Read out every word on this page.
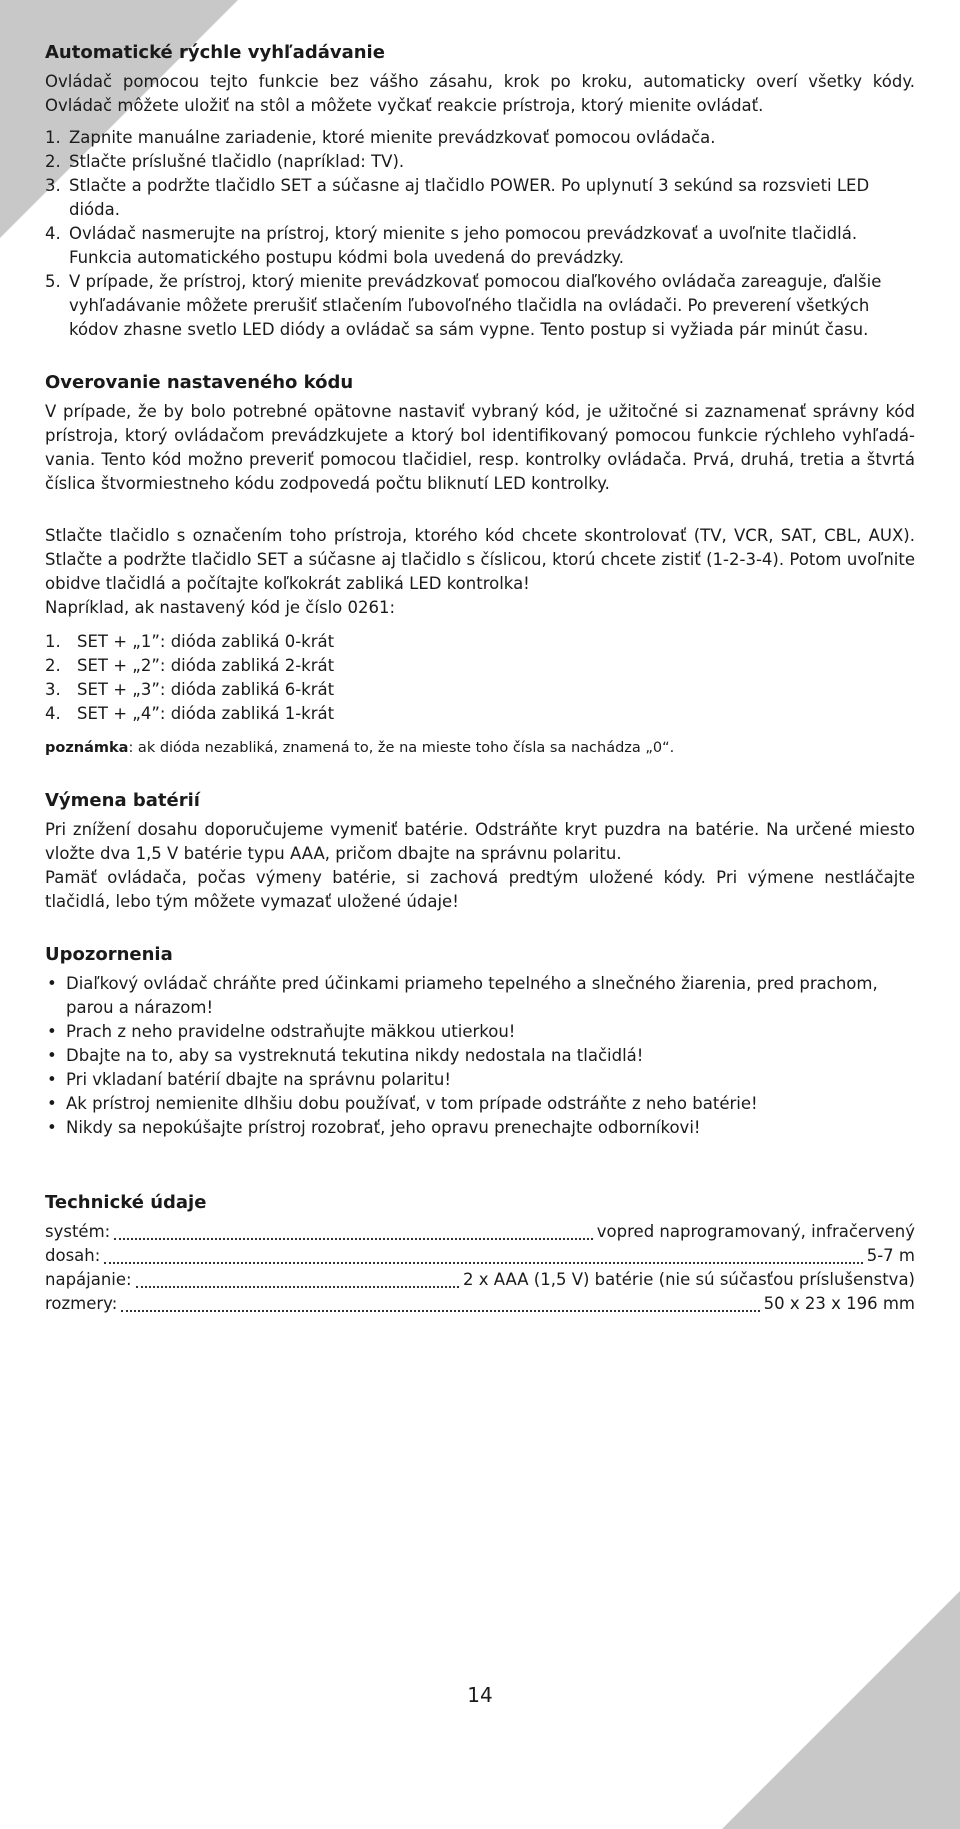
Automatické rýchle vyhľadávanie

Ovládač pomocou tejto funkcie bez vášho zásahu, krok po kroku, automaticky overí všetky kódy. Ovládač môžete uložiť na stôl a môžete vyčkať reakcie prístroja, ktorý mienite ovládať.

1. Zapnite manuálne zariadenie, ktoré mienite prevádzkovať pomocou ovládača.
2. Stlačte príslušné tlačidlo (napríklad: TV).
3. Stlačte a podržte tlačidlo SET a súčasne aj tlačidlo POWER. Po uplynutí 3 sekúnd sa rozsvieti LED dióda.
4. Ovládač nasmerujte na prístroj, ktorý mienite s jeho pomocou prevádzkovať a uvoľnite tlačidlá. Funkcia automatického postupu kódmi bola uvedená do prevádzky.
5. V prípade, že prístroj, ktorý mienite prevádzkovať pomocou diaľkového ovládača zareaguje, ďalšie vyhľadávanie môžete prerušiť stlačením ľubovoľného tlačidla na ovládači. Po preverení všetkých kódov zhasne svetlo LED diódy a ovládač sa sám vypne. Tento postup si vyžiada pár minút času.
Overovanie nastaveného kódu

V prípade, že by bolo potrebné opätovne nastaviť vybraný kód, je užitočné si zaznamenať správny kód prístroja, ktorý ovládačom prevádzkujete a ktorý bol identifikovaný pomocou funkcie rýchleho vyhľadá-vania. Tento kód možno preveriť pomocou tlačidiel, resp. kontrolky ovládača. Prvá, druhá, tretia a štvrtá číslica štvormiestneho kódu zodpovedá počtu bliknutí LED kontrolky.

Stlačte tlačidlo s označením toho prístroja, ktorého kód chcete skontrolovať (TV, VCR, SAT, CBL, AUX). Stlačte a podržte tlačidlo SET a súčasne aj tlačidlo s číslicou, ktorú chcete zistiť (1-2-3-4). Potom uvoľnite obidve tlačidlá a počítajte koľkokrát zabliká LED kontrolka!

Napríklad, ak nastavený kód je číslo 0261:

1. SET + „1”: dióda zabliká 0-krát
2. SET + „2”: dióda zabliká 2-krát
3. SET + „3”: dióda zabliká 6-krát
4. SET + „4”: dióda zabliká 1-krát

poznámka: ak dióda nezabliká, znamená to, že na mieste toho čísla sa nachádza „0“.

Výmena batérií

Pri znížení dosahu doporučujeme vymeniť batérie. Odstráňte kryt puzdra na batérie. Na určené miesto vložte dva 1,5 V batérie typu AAA, pričom dbajte na správnu polaritu.

Pamäť ovládača, počas výmeny batérie, si zachová predtým uložené kódy. Pri výmene nestláčajte tlačidlá, lebo tým môžete vymazať uložené údaje!

Upozornenia
• Diaľkový ovládač chráňte pred účinkami priameho tepelného a slnečného žiarenia, pred prachom, parou a nárazom!
• Prach z neho pravidelne odstraňujte mäkkou utierkou!
• Dbajte na to, aby sa vystreknutá tekutina nikdy nedostala na tlačidlá!
• Pri vkladaní batérií dbajte na správnu polaritu!
• Ak prístroj nemienite dlhšiu dobu používať, v tom prípade odstráňte z neho batérie!
• Nikdy sa nepokúšajte prístroj rozobrať, jeho opravu prenechajte odborníkovi!
Technické údaje
systém:	vopred naprogramovaný, infračervený
dosah:	5-7 m
napájanie:	2 x AAA (1,5 V) batérie (nie sú súčasťou príslušenstva)
rozmery:	50 x 23 x 196 mm
14
